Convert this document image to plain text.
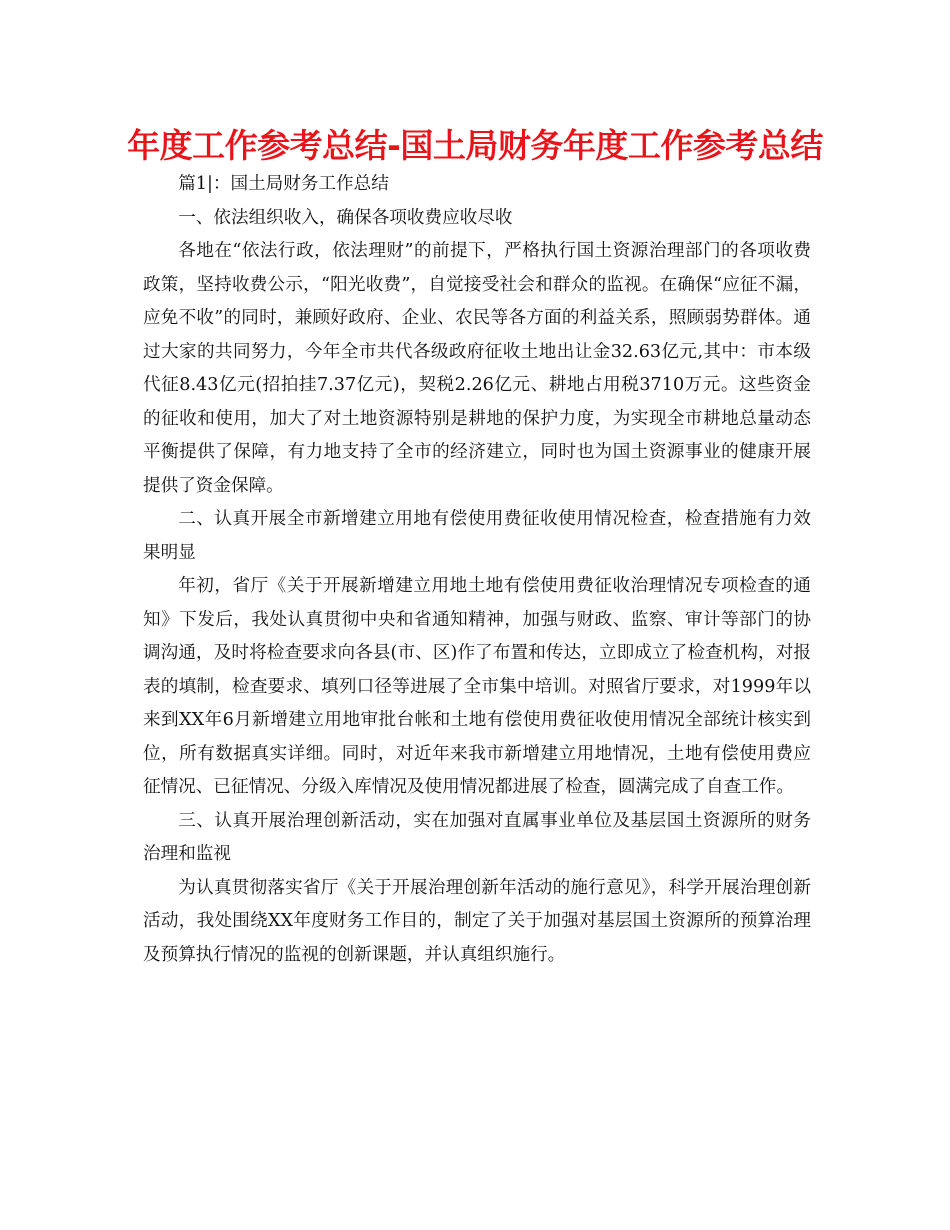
年度工作参考总结-国土局财务年度工作参考总结

篇1|：国土局财务工作总结

一、依法组织收入，确保各项收费应收尽收

各地在“依法行政，依法理财”的前提下，严格执行国土资源治理部门的各项收费政策，坚持收费公示，“阳光收费”，自觉接受社会和群众的监视。在确保“应征不漏，应免不收”的同时，兼顾好政府、企业、农民等各方面的利益关系，照顾弱势群体。通过大家的共同努力，今年全市共代各级政府征收土地出让金32.63亿元,其中：市本级代征8.43亿元(招拍挂7.37亿元)，契税2.26亿元、耕地占用税3710万元。这些资金的征收和使用，加大了对土地资源特别是耕地的保护力度，为实现全市耕地总量动态平衡提供了保障，有力地支持了全市的经济建立，同时也为国土资源事业的健康开展提供了资金保障。

二、认真开展全市新增建立用地有偿使用费征收使用情况检查，检查措施有力效果明显

年初，省厅《关于开展新增建立用地土地有偿使用费征收治理情况专项检查的通知》下发后，我处认真贯彻中央和省通知精神，加强与财政、监察、审计等部门的协调沟通，及时将检查要求向各县(市、区)作了布置和传达，立即成立了检查机构，对报表的填制，检查要求、填列口径等进展了全市集中培训。对照省厅要求，对1999年以来到XX年6月新增建立用地审批台帐和土地有偿使用费征收使用情况全部统计核实到位，所有数据真实详细。同时，对近年来我市新增建立用地情况，土地有偿使用费应征情况、已征情况、分级入库情况及使用情况都进展了检查，圆满完成了自查工作。

三、认真开展治理创新活动，实在加强对直属事业单位及基层国土资源所的财务治理和监视

为认真贯彻落实省厅《关于开展治理创新年活动的施行意见》，科学开展治理创新活动，我处围绕XX年度财务工作目的，制定了关于加强对基层国土资源所的预算治理及预算执行情况的监视的创新课题，并认真组织施行。
